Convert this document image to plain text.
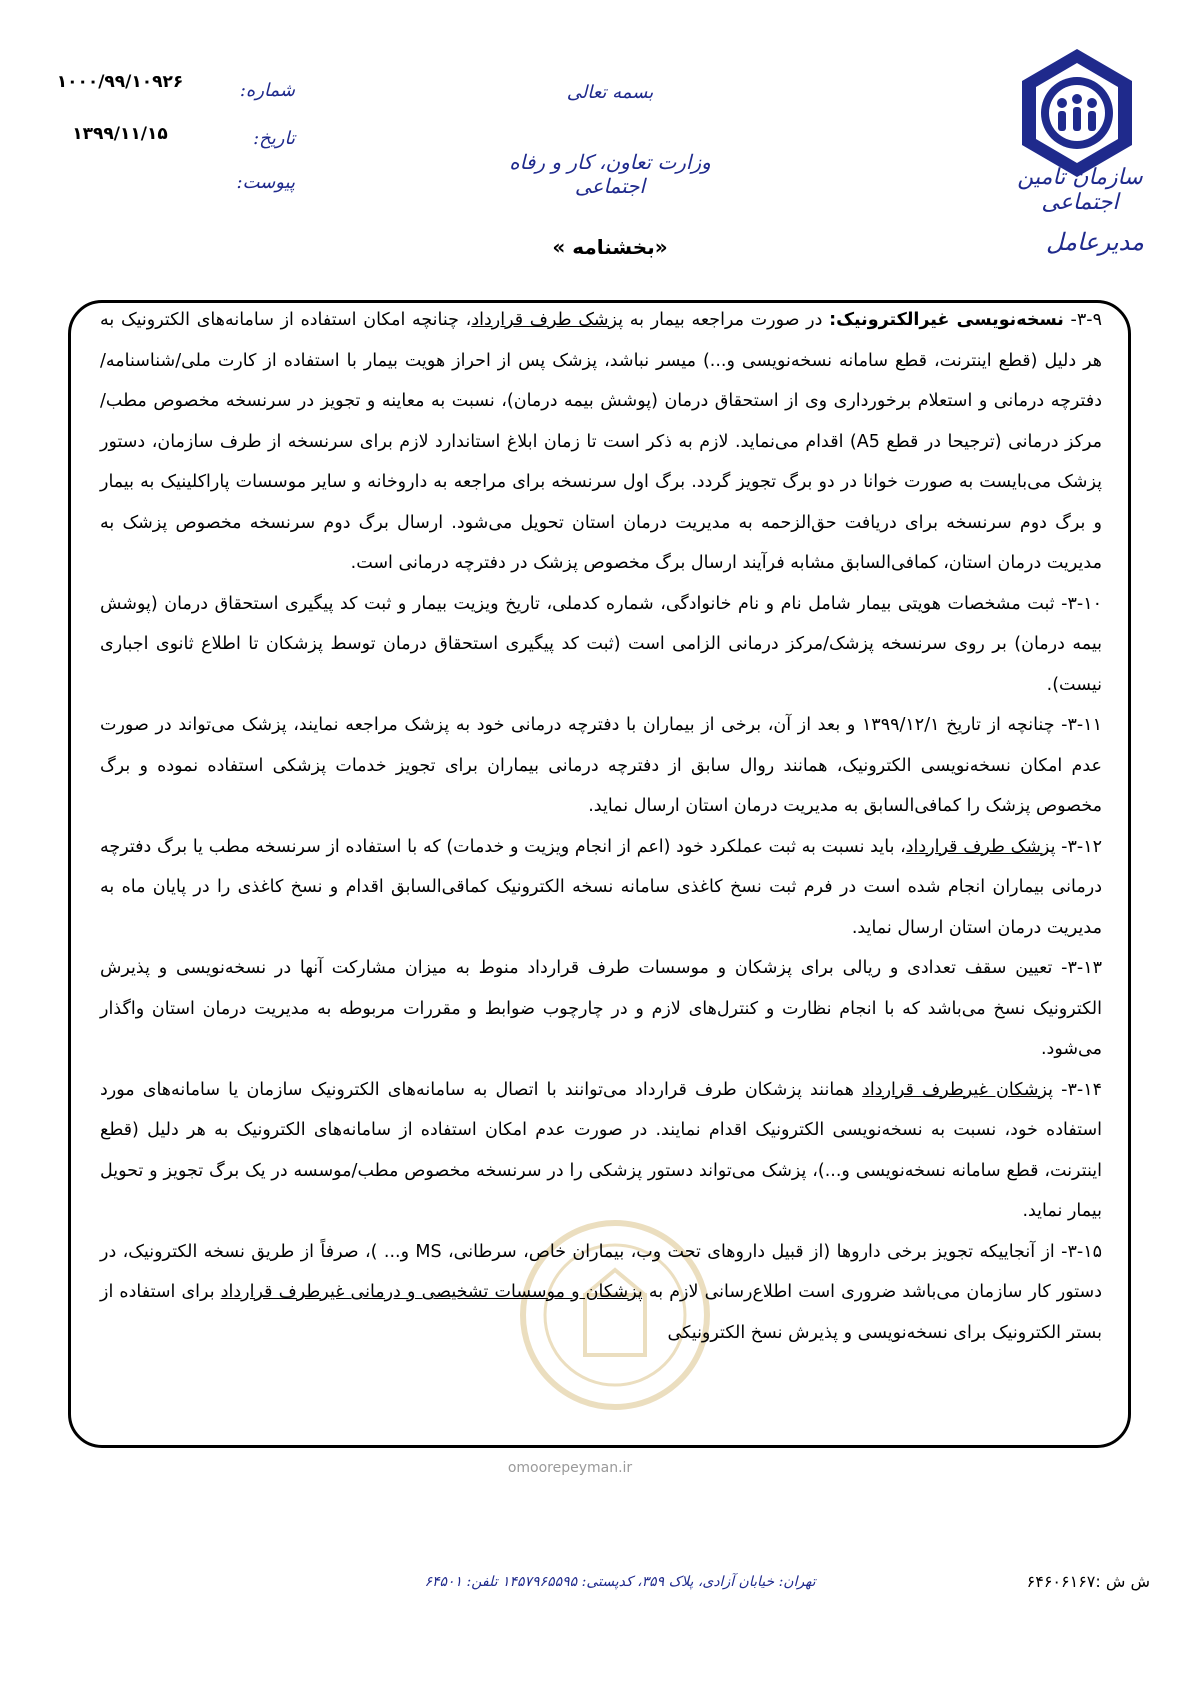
سازمان تأمین اجتماعی
مدیرعامل
بسمه تعالی
وزارت تعاون، کار و رفاه اجتماعی
«بخشنامه »
شماره:
۱۰۰۰/۹۹/۱۰۹۲۶
تاریخ:
۱۳۹۹/۱۱/۱۵
پیوست:

۳-۹- نسخه‌نویسی غیرالکترونیک: در صورت مراجعه بیمار به پزشک طرف قرارداد، چنانچه امکان استفاده از سامانه‌های الکترونیک به هر دلیل (قطع اینترنت، قطع سامانه نسخه‌نویسی و...) میسر نباشد، پزشک پس از احراز هویت بیمار با استفاده از کارت ملی/شناسنامه/دفترچه درمانی و استعلام برخورداری وی از استحقاق درمان (پوشش بیمه درمان)، نسبت به معاینه و تجویز در سرنسخه مخصوص مطب/مرکز درمانی (ترجیحا در قطع A5) اقدام می‌نماید. لازم به ذکر است تا زمان ابلاغ استاندارد لازم برای سرنسخه از طرف سازمان، دستور پزشک می‌بایست به صورت خوانا در دو برگ تجویز گردد. برگ اول سرنسخه برای مراجعه به داروخانه و سایر موسسات پاراکلینیک به بیمار و برگ دوم سرنسخه برای دریافت حق‌الزحمه به مدیریت درمان استان تحویل می‌شود. ارسال برگ دوم سرنسخه مخصوص پزشک به مدیریت درمان استان، کمافی‌السابق مشابه فرآیند ارسال برگ مخصوص پزشک در دفترچه درمانی است.

۳-۱۰- ثبت مشخصات هویتی بیمار شامل نام و نام خانوادگی، شماره کدملی، تاریخ ویزیت بیمار و ثبت کد پیگیری استحقاق درمان (پوشش بیمه درمان) بر روی سرنسخه پزشک/مرکز درمانی الزامی است (ثبت کد پیگیری استحقاق درمان توسط پزشکان تا اطلاع ثانوی اجباری نیست).

۳-۱۱- چنانچه از تاریخ ۱۳۹۹/۱۲/۱ و بعد از آن، برخی از بیماران با دفترچه درمانی خود به پزشک مراجعه نمایند، پزشک می‌تواند در صورت عدم امکان نسخه‌نویسی الکترونیک، همانند روال سابق از دفترچه درمانی بیماران برای تجویز خدمات پزشکی استفاده نموده و برگ مخصوص پزشک را کمافی‌السابق به مدیریت درمان استان ارسال نماید.

۳-۱۲- پزشک طرف قرارداد، باید نسبت به ثبت عملکرد خود (اعم از انجام ویزیت و خدمات) که با استفاده از سرنسخه مطب یا برگ دفترچه درمانی بیماران انجام شده است در فرم ثبت نسخ کاغذی سامانه نسخه الکترونیک کماقی‌السابق اقدام و نسخ کاغذی را در پایان ماه به مدیریت درمان استان ارسال نماید.

۳-۱۳- تعیین سقف تعدادی و ریالی برای پزشکان و موسسات طرف قرارداد منوط به میزان مشارکت آنها در نسخه‌نویسی و پذیرش الکترونیک نسخ می‌باشد که با انجام نظارت و کنترل‌های لازم و در چارچوب ضوابط و مقررات مربوطه به مدیریت درمان استان واگذار می‌شود.

۳-۱۴- پزشکان غیرطرف قرارداد همانند پزشکان طرف قرارداد می‌توانند با اتصال به سامانه‌های الکترونیک سازمان یا سامانه‌های مورد استفاده خود، نسبت به نسخه‌نویسی الکترونیک اقدام نمایند. در صورت عدم امکان استفاده از سامانه‌های الکترونیک به هر دلیل (قطع اینترنت، قطع سامانه نسخه‌نویسی و...)، پزشک می‌تواند دستور پزشکی را در سرنسخه مخصوص مطب/موسسه در یک برگ تجویز و تحویل بیمار نماید.

۳-۱۵- از آنجاییکه تجویز برخی داروها (از قبیل داروهای تحت وب، بیماران خاص، سرطانی، MS و... )، صرفاً از طریق نسخه الکترونیک، در دستور کار سازمان می‌باشد ضروری است اطلاع‌رسانی لازم به پزشکان و موسسات تشخیصی و درمانی غیرطرف قرارداد برای استفاده از بستر الکترونیک برای نسخه‌نویسی و پذیرش نسخ الکترونیکی

omoorepeyman.ir
تهران: خیابان آزادی، پلاک ۳۵۹، کدپستی: ۱۴۵۷۹۶۵۵۹۵ تلفن: ۶۴۵۰۱	ش ش :۶۴۶۰۶۱۶۷
